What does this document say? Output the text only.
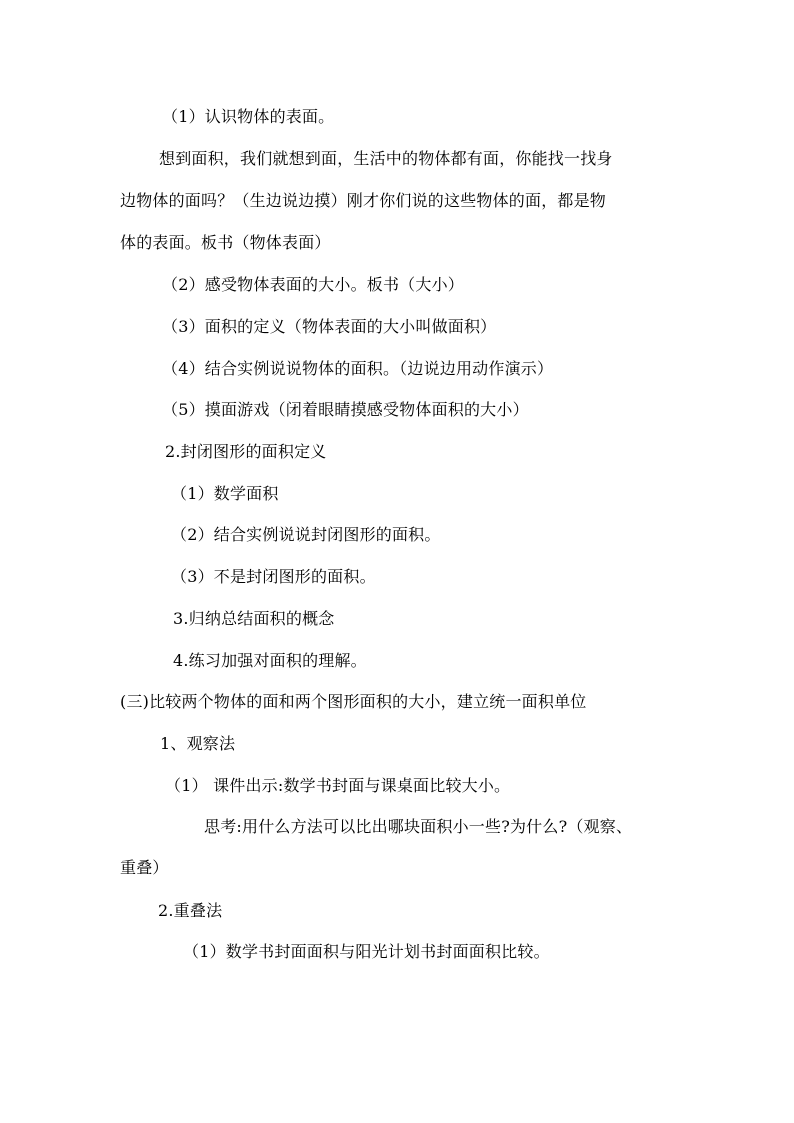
（1）认识物体的表面。
想到面积，我们就想到面，生活中的物体都有面，你能找一找身
边物体的面吗？（生边说边摸）刚才你们说的这些物体的面，都是物
体的表面。板书（物体表面）
（2）感受物体表面的大小。板书（大小）
（3）面积的定义（物体表面的大小叫做面积）
（4）结合实例说说物体的面积。（边说边用动作演示）
（5）摸面游戏（闭着眼睛摸感受物体面积的大小）
2.封闭图形的面积定义
（1）数学面积
（2）结合实例说说封闭图形的面积。
（3）不是封闭图形的面积。
3.归纳总结面积的概念
4.练习加强对面积的理解。
(三)比较两个物体的面和两个图形面积的大小，建立统一面积单位
1、观察法
（1） 课件出示:数学书封面与课桌面比较大小。
思考:用什么方法可以比出哪块面积小一些?为什么?（观察、
重叠）
2.重叠法
（1）数学书封面面积与阳光计划书封面面积比较。
